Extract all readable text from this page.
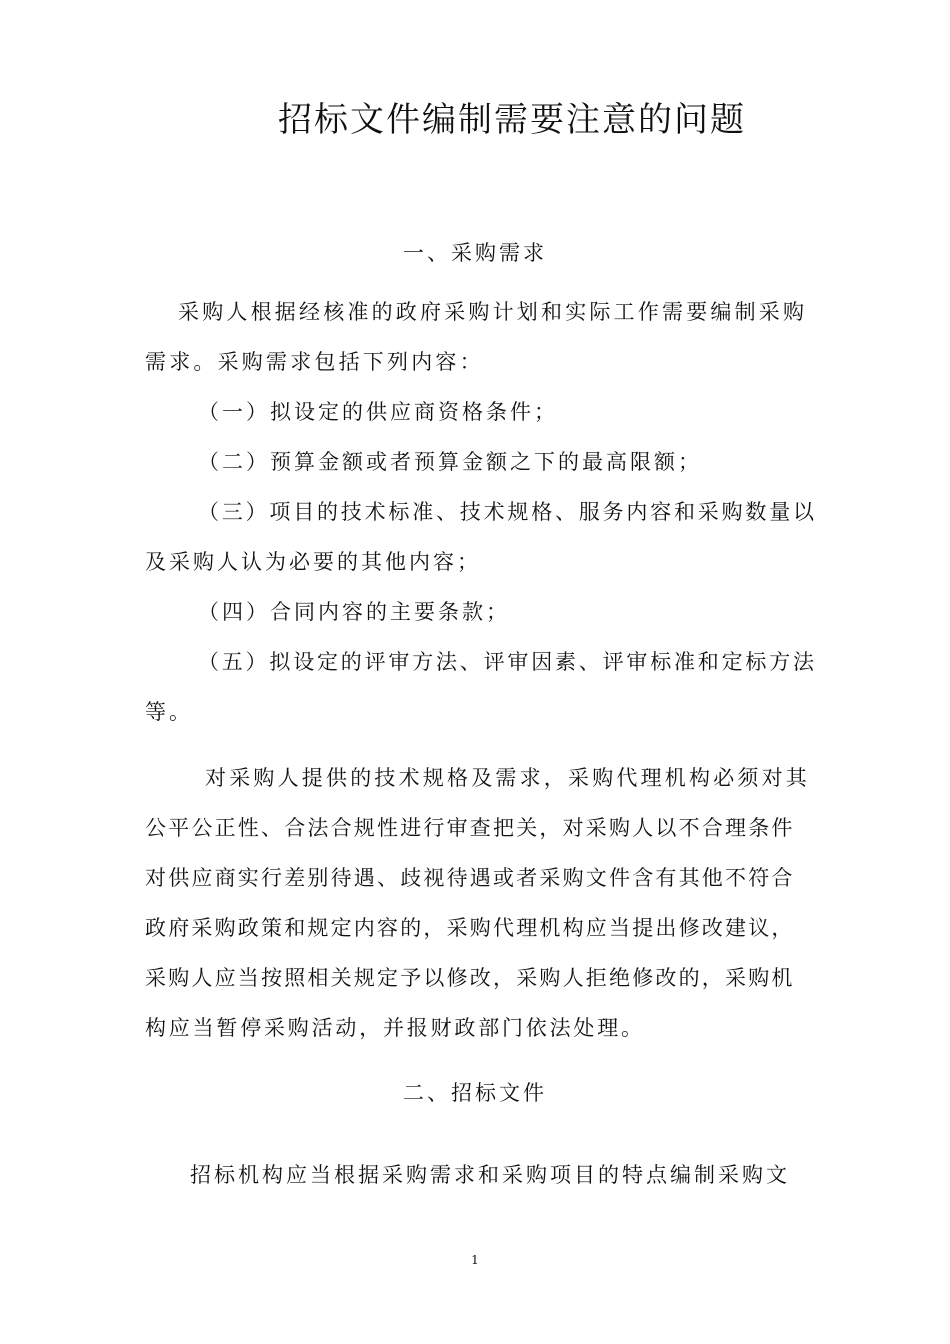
招标文件编制需要注意的问题
一、采购需求
采购人根据经核准的政府采购计划和实际工作需要编制采购
需求。采购需求包括下列内容：
（一）拟设定的供应商资格条件；
（二）预算金额或者预算金额之下的最高限额；
（三）项目的技术标准、技术规格、服务内容和采购数量以
及采购人认为必要的其他内容；
（四）合同内容的主要条款；
（五）拟设定的评审方法、评审因素、评审标准和定标方法
等。
对采购人提供的技术规格及需求，采购代理机构必须对其
公平公正性、合法合规性进行审查把关，对采购人以不合理条件
对供应商实行差别待遇、歧视待遇或者采购文件含有其他不符合
政府采购政策和规定内容的，采购代理机构应当提出修改建议，
采购人应当按照相关规定予以修改，采购人拒绝修改的，采购机
构应当暂停采购活动，并报财政部门依法处理。
二、招标文件
招标机构应当根据采购需求和采购项目的特点编制采购文
1
